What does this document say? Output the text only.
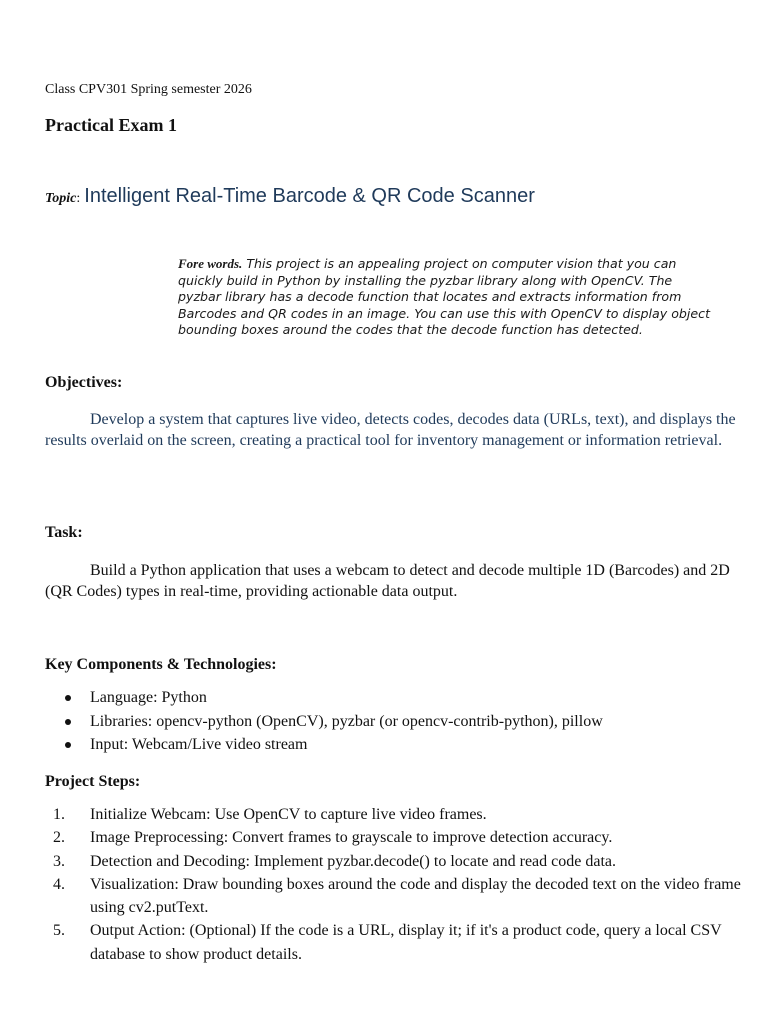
Class CPV301 Spring semester 2026
Practical Exam 1
Topic: Intelligent Real-Time Barcode & QR Code Scanner
Fore words. This project is an appealing project on computer vision that you can quickly build in Python by installing the pyzbar library along with OpenCV. The pyzbar library has a decode function that locates and extracts information from Barcodes and QR codes in an image. You can use this with OpenCV to display object bounding boxes around the codes that the decode function has detected.
Objectives:
Develop a system that captures live video, detects codes, decodes data (URLs, text), and displays the results overlaid on the screen, creating a practical tool for inventory management or information retrieval.
Task:
Build a Python application that uses a webcam to detect and decode multiple 1D (Barcodes) and 2D (QR Codes) types in real-time, providing actionable data output.
Key Components & Technologies:
Language: Python
Libraries: opencv-python (OpenCV), pyzbar (or opencv-contrib-python), pillow
Input: Webcam/Live video stream
Project Steps:
1. Initialize Webcam: Use OpenCV to capture live video frames.
2. Image Preprocessing: Convert frames to grayscale to improve detection accuracy.
3. Detection and Decoding: Implement pyzbar.decode() to locate and read code data.
4. Visualization: Draw bounding boxes around the code and display the decoded text on the video frame using cv2.putText.
5. Output Action: (Optional) If the code is a URL, display it; if it's a product code, query a local CSV database to show product details.
